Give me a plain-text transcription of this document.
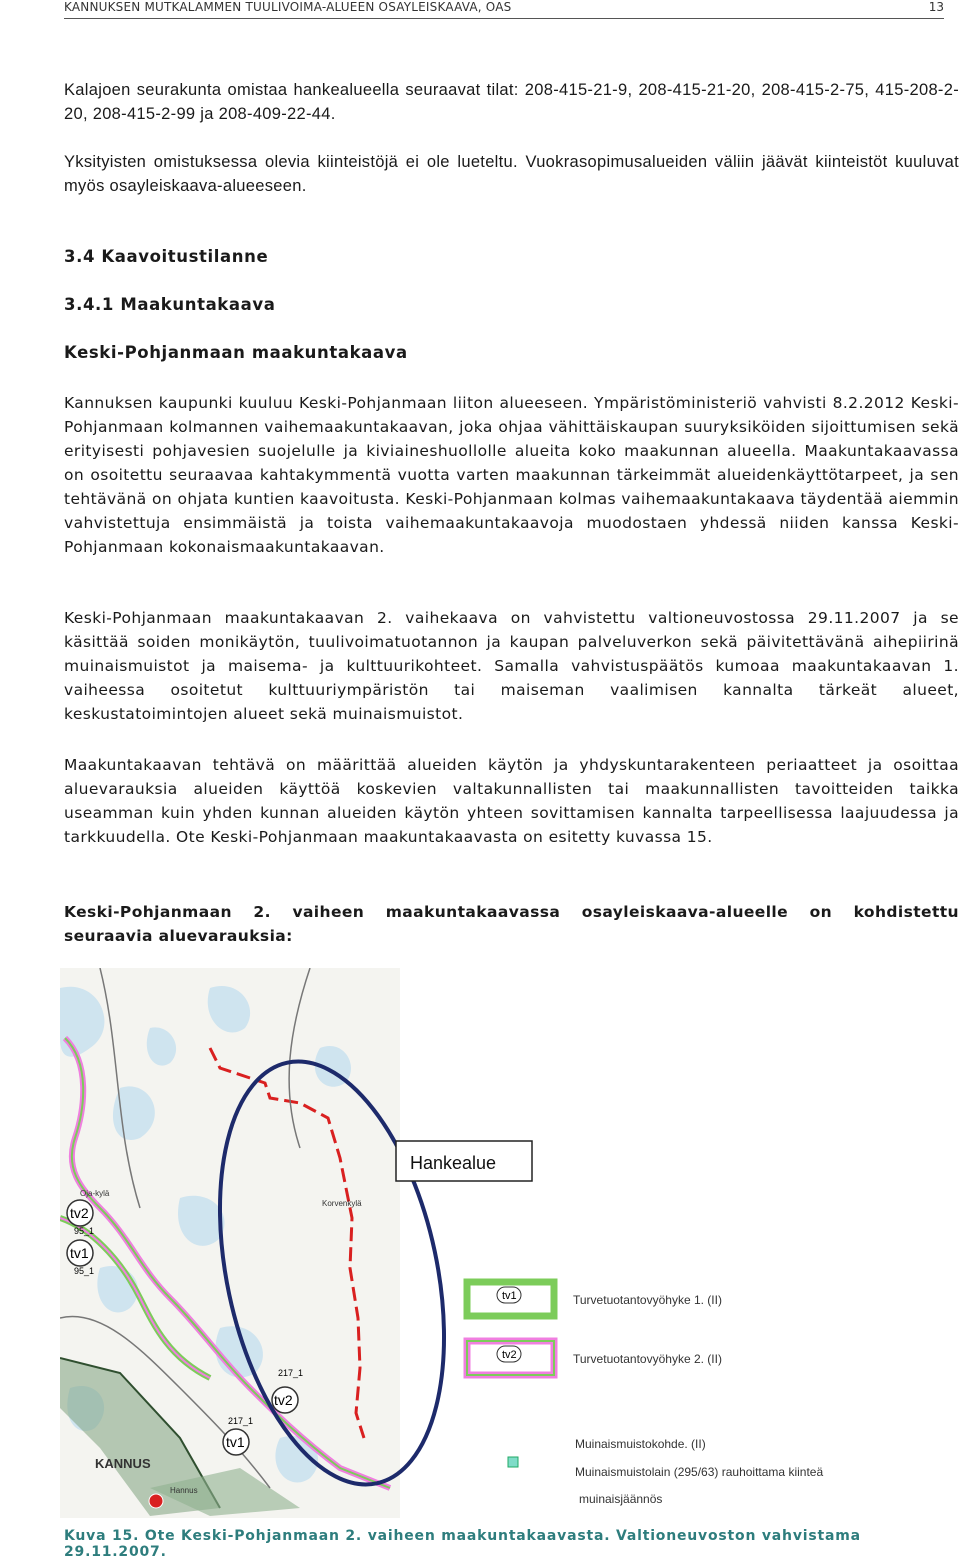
KANNUKSEN MUTKALAMMEN TUULIVOIMA-ALUEEN OSAYLEISKAAVA, OAS	13

Kalajoen seurakunta omistaa hankealueella seuraavat tilat: 208-415-21-9, 208-415-21-20, 208-415-2-75, 415-208-2-20, 208-415-2-99 ja 208-409-22-44.

Yksityisten omistuksessa olevia kiinteistöjä ei ole lueteltu. Vuokrasopimusalueiden väliin jäävät kiinteistöt kuuluvat myös osayleiskaava-alueeseen.

3.4 Kaavoitustilanne
3.4.1 Maakuntakaava
Keski-Pohjanmaan maakuntakaava

Kannuksen kaupunki kuuluu Keski-Pohjanmaan liiton alueeseen. Ympäristöministeriö vahvisti 8.2.2012 Keski-Pohjanmaan kolmannen vaihemaakuntakaavan, joka ohjaa vähittäiskaupan suuryksiköiden sijoittumisen sekä erityisesti pohjavesien suojelulle ja kiviaineshuollolle alueita koko maakunnan alueella. Maakuntakaavassa on osoitettu seuraavaa kahtakymmentä vuotta varten maakunnan tärkeimmät alueidenkäyttötarpeet, ja sen tehtävänä on ohjata kuntien kaavoitusta. Keski-Pohjanmaan kolmas vaihemaakuntakaava täydentää aiemmin vahvistettuja ensimmäistä ja toista vaihemaakuntakaavoja muodostaen yhdessä niiden kanssa Keski-Pohjanmaan kokonaismaakuntakaavan.

Keski-Pohjanmaan maakuntakaavan 2. vaihekaava on vahvistettu valtioneuvostossa 29.11.2007 ja se käsittää soiden monikäytön, tuulivoimatuotannon ja kaupan palveluverkon sekä päivitettävänä aihepiirinä muinaismuistot ja maisema- ja kulttuurikohteet. Samalla vahvistuspäätös kumoaa maakuntakaavan 1. vaiheessa osoitetut kulttuuriympäristön tai maiseman vaalimisen kannalta tärkeät alueet, keskustatoimintojen alueet sekä muinaismuistot.

Maakuntakaavan tehtävä on määrittää alueiden käytön ja yhdyskuntarakenteen periaatteet ja osoittaa aluevarauksia alueiden käyttöä koskevien valtakunnallisten tai maakunnallisten tavoitteiden taikka useamman kuin yhden kunnan alueiden käytön yhteen sovittamisen kannalta tarpeellisessa laajuudessa ja tarkkuudella. Ote Keski-Pohjanmaan maakuntakaavasta on esitetty kuvassa 15.

Keski-Pohjanmaan 2. vaiheen maakuntakaavassa osayleiskaava-alueelle on kohdistettu seuraavia aluevarauksia:

Hankealue
tv2
tv1
95_1
95_1
tv2
tv1
217_1
217_1
KANNUS
Korvenkylä
Oja-kylä
Hannus
tv1	Turvetuotantovyöhyke 1. (II)
tv2	Turvetuotantovyöhyke 2. (II)
Muinaismuistokohde. (II)
Muinaismuistolain (295/63) rauhoittama kiinteä
muinaisjäännös
Kuva 15. Ote Keski-Pohjanmaan 2. vaiheen maakuntakaavasta. Valtioneuvoston vahvistama 29.11.2007.
